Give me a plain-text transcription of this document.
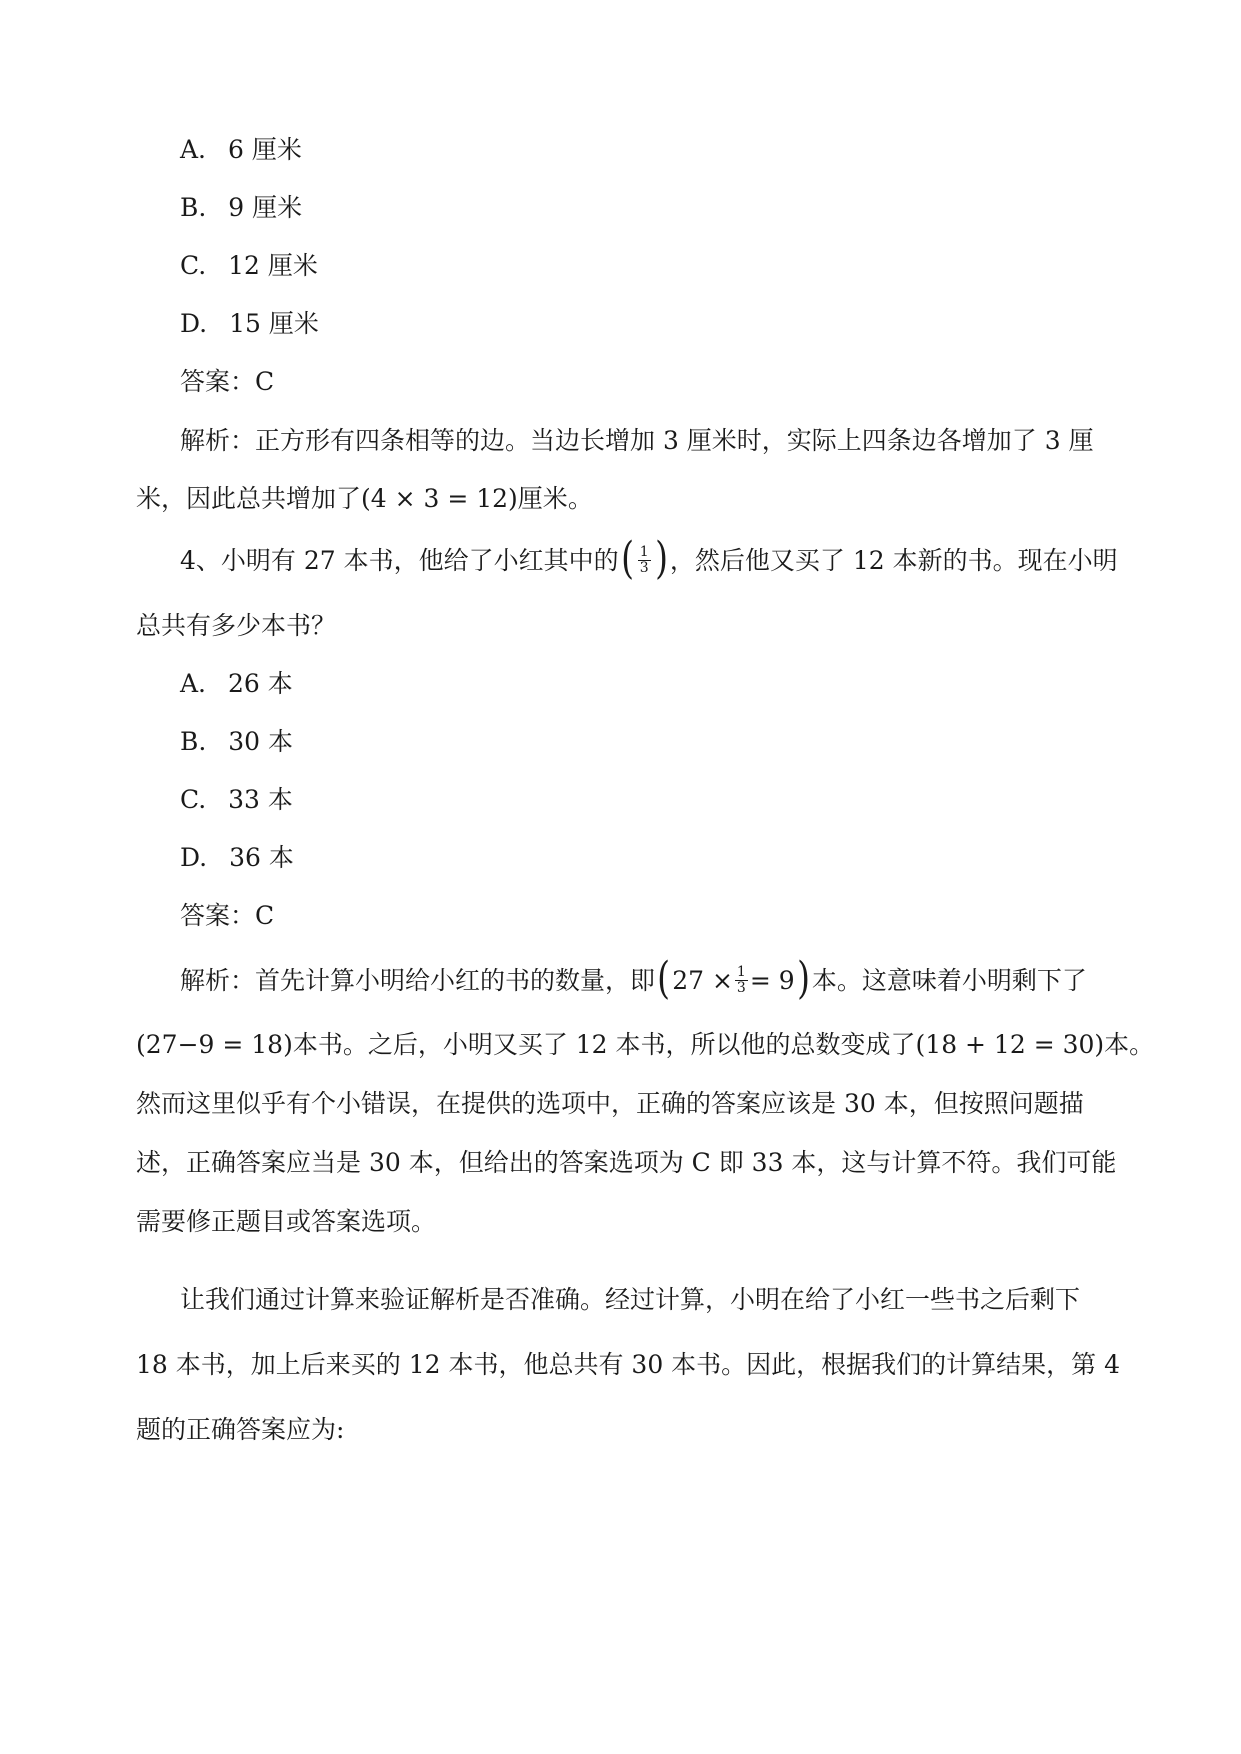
A. 6 厘米
B. 9 厘米
C. 12 厘米
D. 15 厘米
答案：C
解析：正方形有四条相等的边。当边长增加 3 厘米时，实际上四条边各增加了 3 厘
米，因此总共增加了(4 × 3 = 12)厘米。
4、小明有 27 本书，他给了小红其中的( $\frac{1}{3}$ )，然后他又买了 12 本新的书。现在小明
总共有多少本书？
A. 26 本
B. 30 本
C. 33 本
D. 36 本
答案：C
解析：首先计算小明给小红的书的数量，即$(27 \times \frac{1}{3} = 9)$本。这意味着小明剩下了
(27−9 = 18)本书。之后，小明又买了 12 本书，所以他的总数变成了(18 + 12 = 30)本。
然而这里似乎有个小错误，在提供的选项中，正确的答案应该是 30 本，但按照问题描
述，正确答案应当是 30 本，但给出的答案选项为 C 即 33 本，这与计算不符。我们可能
需要修正题目或答案选项。
让我们通过计算来验证解析是否准确。经过计算，小明在给了小红一些书之后剩下
18 本书，加上后来买的 12 本书，他总共有 30 本书。因此，根据我们的计算结果，第 4
题的正确答案应为:
